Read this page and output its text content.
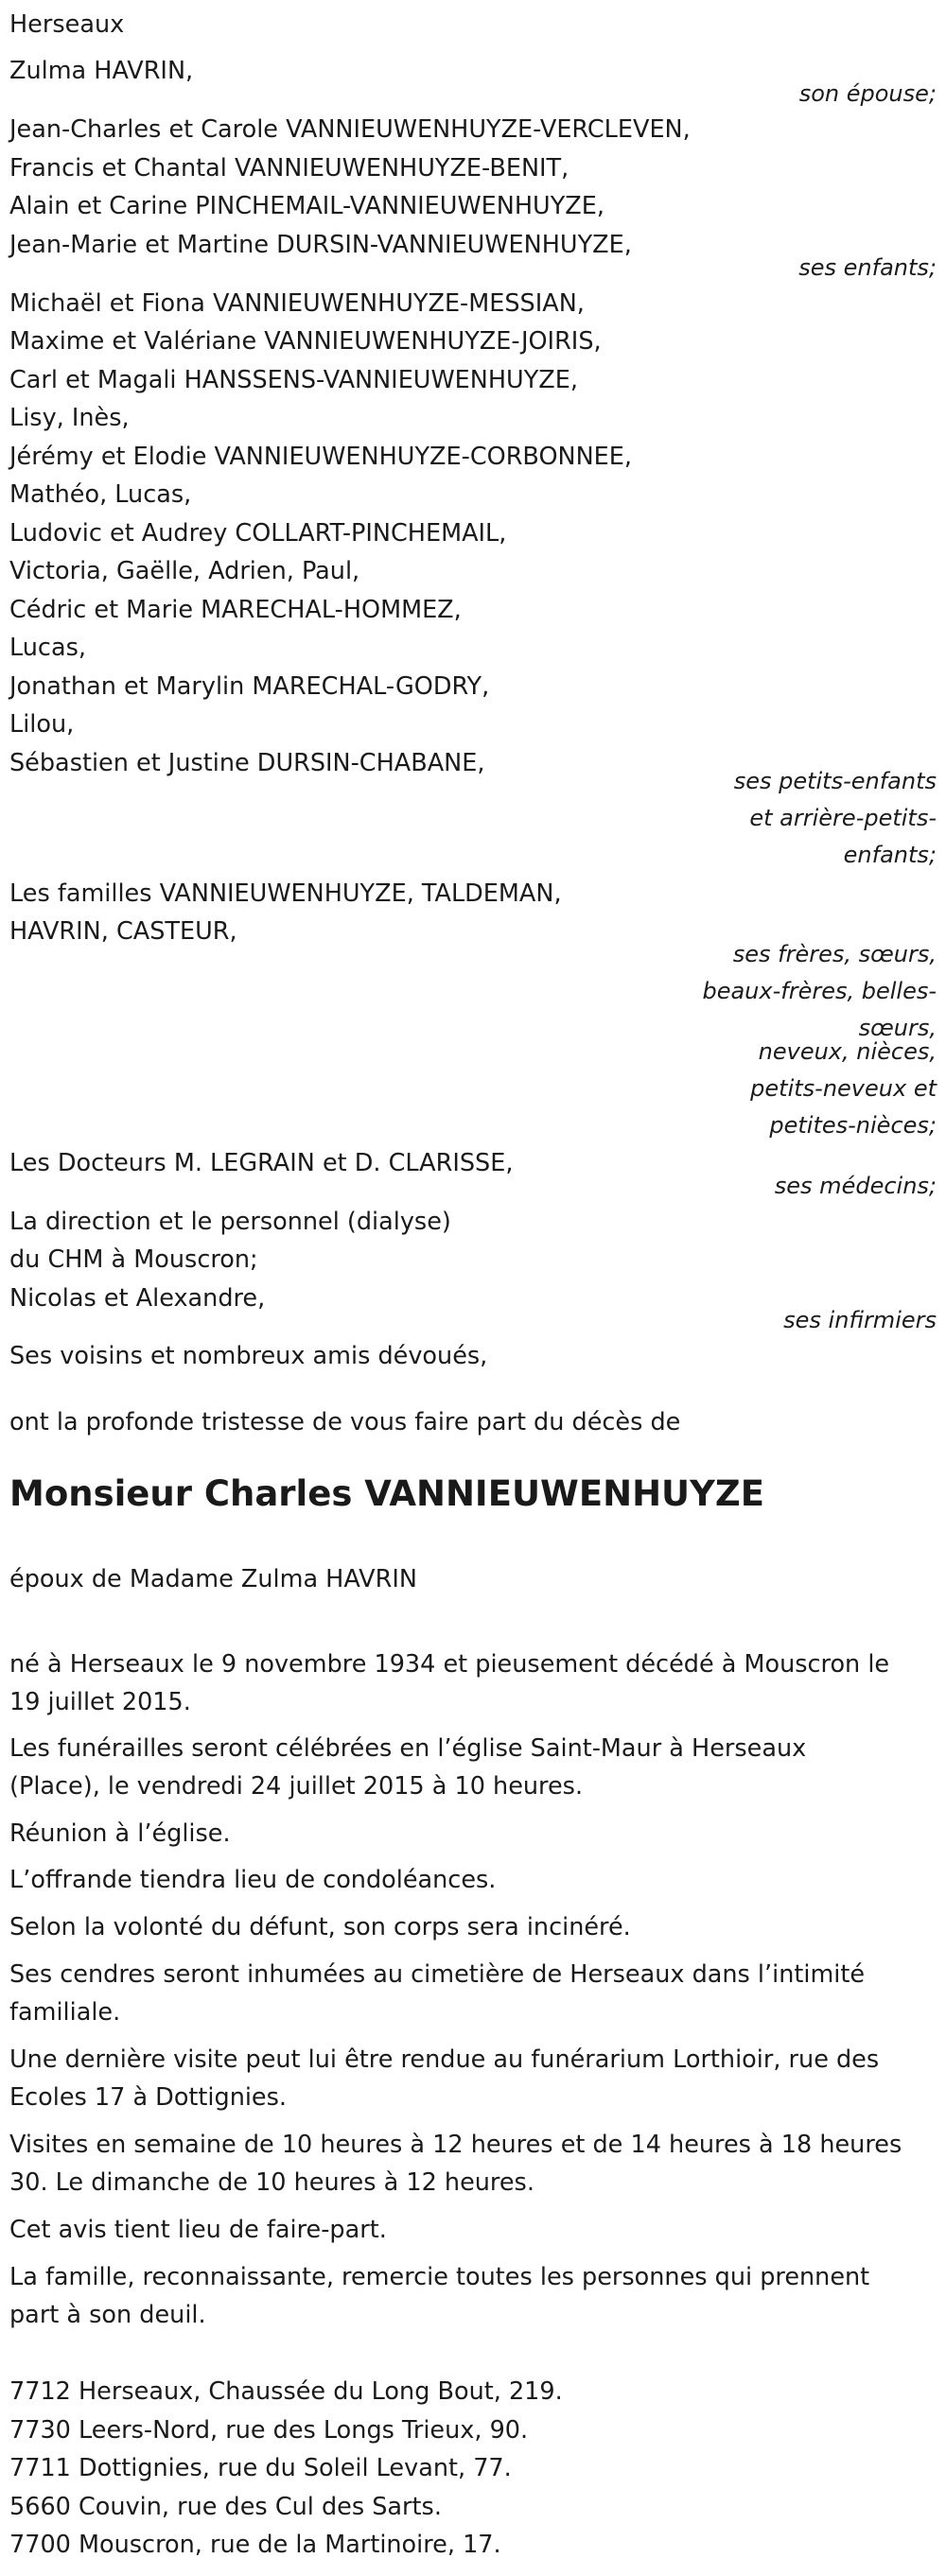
Herseaux
Zulma HAVRIN,
son épouse;
Jean-Charles et Carole VANNIEUWENHUYZE-VERCLEVEN,
Francis et Chantal VANNIEUWENHUYZE-BENIT,
Alain et Carine PINCHEMAIL-VANNIEUWENHUYZE,
Jean-Marie et Martine DURSIN-VANNIEUWENHUYZE,
ses enfants;
Michaël et Fiona VANNIEUWENHUYZE-MESSIAN,
Maxime et Valériane VANNIEUWENHUYZE-JOIRIS,
Carl et Magali HANSSENS-VANNIEUWENHUYZE,
Lisy, Inès,
Jérémy et Elodie VANNIEUWENHUYZE-CORBONNEE,
Mathéo, Lucas,
Ludovic et Audrey COLLART-PINCHEMAIL,
Victoria, Gaëlle, Adrien, Paul,
Cédric et Marie MARECHAL-HOMMEZ,
Lucas,
Jonathan et Marylin MARECHAL-GODRY,
Lilou,
Sébastien et Justine DURSIN-CHABANE,
ses petits-enfants
et arrière-petits-
enfants;
Les familles VANNIEUWENHUYZE, TALDEMAN,
HAVRIN, CASTEUR,
ses frères, sœurs,
beaux-frères, belles-
sœurs,
neveux, nièces,
petits-neveux et
petites-nièces;
Les Docteurs M. LEGRAIN et D. CLARISSE,
ses médecins;
La direction et le personnel (dialyse)
du CHM à Mouscron;
Nicolas et Alexandre,
ses infirmiers
Ses voisins et nombreux amis dévoués,
ont la profonde tristesse de vous faire part du décès de
Monsieur Charles VANNIEUWENHUYZE
époux de Madame Zulma HAVRIN
né à Herseaux le 9 novembre 1934 et pieusement décédé à Mouscron le
19 juillet 2015.
Les funérailles seront célébrées en l’église Saint-Maur à Herseaux
(Place), le vendredi 24 juillet 2015 à 10 heures.
Réunion à l’église.
L’offrande tiendra lieu de condoléances.
Selon la volonté du défunt, son corps sera incinéré.
Ses cendres seront inhumées au cimetière de Herseaux dans l’intimité
familiale.
Une dernière visite peut lui être rendue au funérarium Lorthioir, rue des
Ecoles 17 à Dottignies.
Visites en semaine de 10 heures à 12 heures et de 14 heures à 18 heures
30. Le dimanche de 10 heures à 12 heures.
Cet avis tient lieu de faire-part.
La famille, reconnaissante, remercie toutes les personnes qui prennent
part à son deuil.
7712 Herseaux, Chaussée du Long Bout, 219.
7730 Leers-Nord, rue des Longs Trieux, 90.
7711 Dottignies, rue du Soleil Levant, 77.
5660 Couvin, rue des Cul des Sarts.
7700 Mouscron, rue de la Martinoire, 17.
